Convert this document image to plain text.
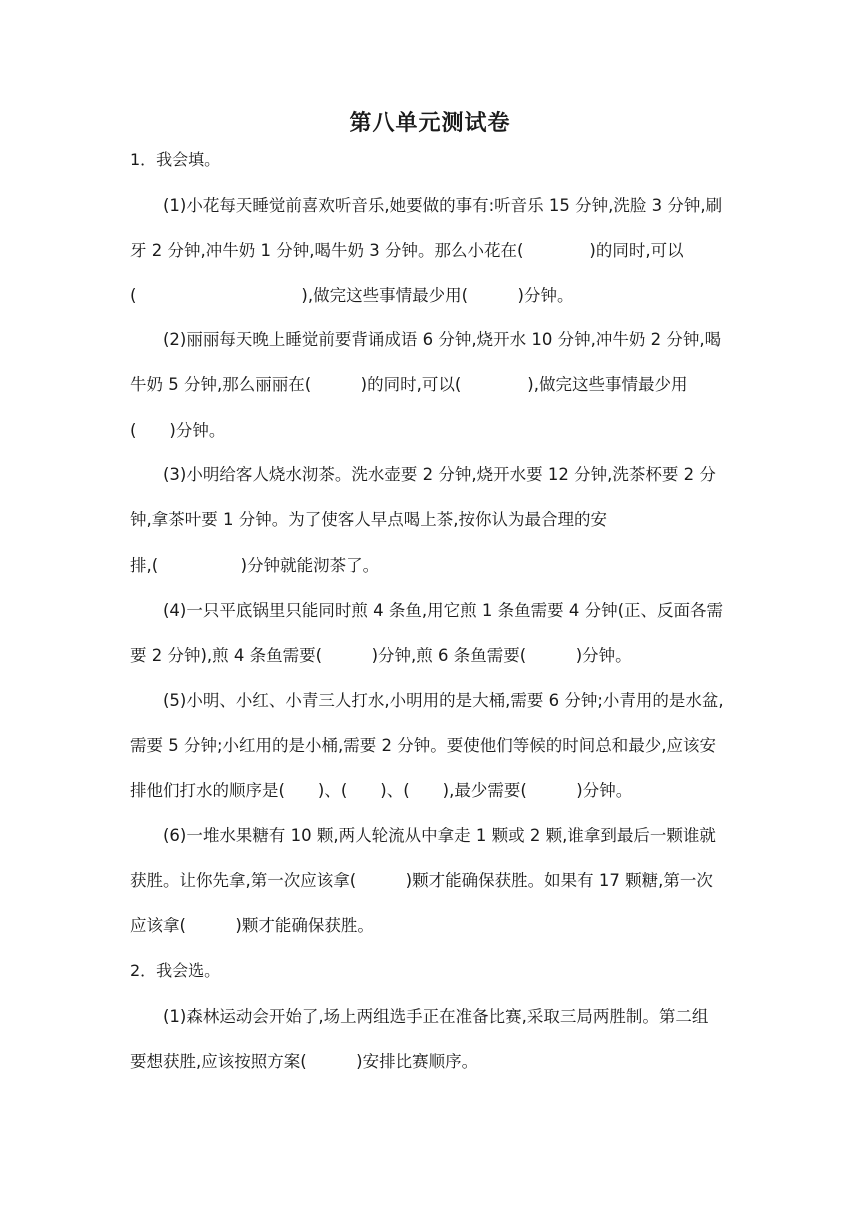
第八单元测试卷
1．我会填。
(1)小花每天睡觉前喜欢听音乐,她要做的事有:听音乐 15 分钟,洗脸 3 分钟,刷
牙 2 分钟,冲牛奶 1 分钟,喝牛奶 3 分钟。那么小花在(　　　　)的同时,可以
(　　　　　　　　　　),做完这些事情最少用(　　　)分钟。
(2)丽丽每天晚上睡觉前要背诵成语 6 分钟,烧开水 10 分钟,冲牛奶 2 分钟,喝
牛奶 5 分钟,那么丽丽在(　　　)的同时,可以(　　　　),做完这些事情最少用
(　　)分钟。
(3)小明给客人烧水沏茶。洗水壶要 2 分钟,烧开水要 12 分钟,洗茶杯要 2 分
钟,拿茶叶要 1 分钟。为了使客人早点喝上茶,按你认为最合理的安
排,(　　　　　)分钟就能沏茶了。
(4)一只平底锅里只能同时煎 4 条鱼,用它煎 1 条鱼需要 4 分钟(正、反面各需
要 2 分钟),煎 4 条鱼需要(　　　)分钟,煎 6 条鱼需要(　　　)分钟。
(5)小明、小红、小青三人打水,小明用的是大桶,需要 6 分钟;小青用的是水盆,
需要 5 分钟;小红用的是小桶,需要 2 分钟。要使他们等候的时间总和最少,应该安
排他们打水的顺序是(　　)、(　　)、(　　),最少需要(　　　)分钟。
(6)一堆水果糖有 10 颗,两人轮流从中拿走 1 颗或 2 颗,谁拿到最后一颗谁就
获胜。让你先拿,第一次应该拿(　　　)颗才能确保获胜。如果有 17 颗糖,第一次
应该拿(　　　)颗才能确保获胜。
2．我会选。
(1)森林运动会开始了,场上两组选手正在准备比赛,采取三局两胜制。第二组
要想获胜,应该按照方案(　　　)安排比赛顺序。
